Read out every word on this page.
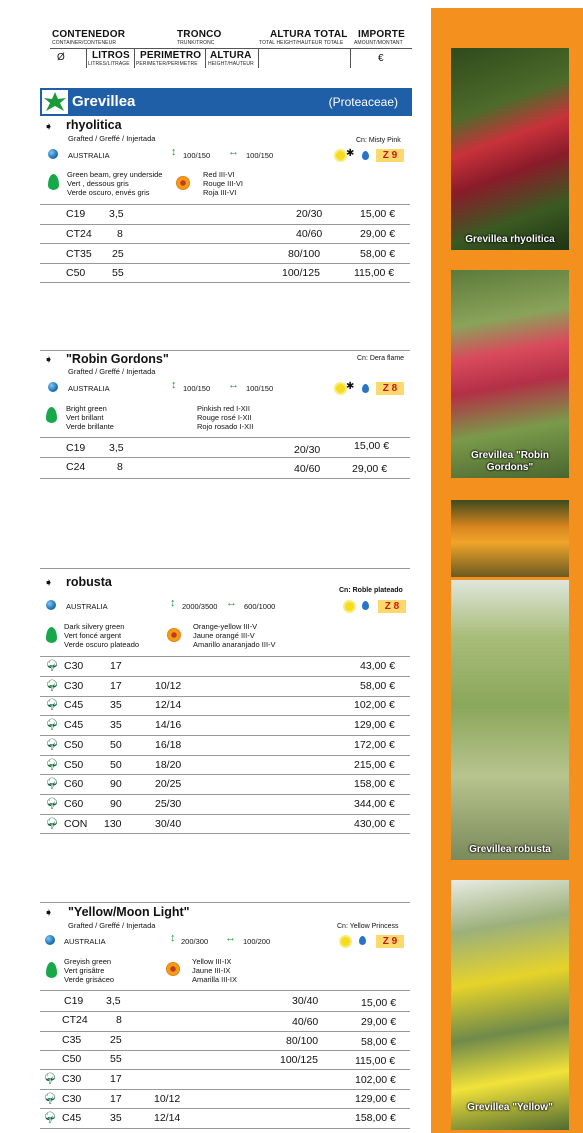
CONTENEDOR
CONTAINER/CONTENEUR
TRONCO
TRUNK/TRONC
ALTURA TOTAL
TOTAL HEIGHT/HAUTEUR TOTALE
IMPORTE
AMOUNT/MONTANT
Ø	LITROS
LITRES/LITRAGE
PERIMETRO
PERIMETER/PERIMETRE
ALTURA
HEIGHT/HAUTEUR	€
Grevillea	(Proteaceae)
➧ rhyolitica
Grafted / Greffé / Injertada	Cn: Misty Pink
AUSTRALIA	↕ 100/150 ↔ 100/150	✱	Z 9
Green beam, grey underside
Vert , dessous gris
Verde oscuro, envés gris
Red III-VI
Rouge III-VI
Roja III-VI
C19 3,5	20/30	15,00 €
CT24 8	40/60	29,00 €
CT35 25	80/100	58,00 €
C50	55	100/125	115,00 €
➧ "Robin Gordons"	Cn: Dera flame
Grafted / Greffé / Injertada
AUSTRALIA	↕ 100/150 ↔ 100/150	✱	Z 8
Bright green
Vert brillant
Verde brillante
Pinkish red I-XII
Rouge rosé I-XII
Rojo rosado I-XII
C19 3,5	20/30	15,00 €
C24	8	40/60	29,00 €
➧ robusta
Cn: Roble plateado
AUSTRALIA	↕ 2000/3500 ↔ 600/1000	Z 8
Dark silvery green
Vert foncé argent
Verde oscuro plateado
Orange-yellow III-V
Jaune orangé III-V
Amarillo anaranjado III-V
🌳︎ C30	17	43,00 €
🌳︎ C30	17	10/12	58,00 €
🌳︎ C45	35	12/14	102,00 €
🌳︎ C45	35	14/16	129,00 €
🌳︎ C50	50	16/18	172,00 €
🌳︎ C50	50	18/20	215,00 €
🌳︎ C60	90	20/25	158,00 €
🌳︎ C60	90	25/30	344,00 €
🌳︎ CON 130	30/40	430,00 €
➧ "Yellow/Moon Light"
Grafted / Greffé / Injertada	Cn: Yellow Princess
AUSTRALIA	↕ 200/300 ↔ 100/200	Z 9
Greyish green
Vert grisâtre
Verde grisáceo
Yellow III-IX
Jaune III-IX
Amarilla III-IX
C19 3,5	30/40	15,00 €
CT24	8	40/60	29,00 €
C35	25	80/100	58,00 €
C50	55	100/125	115,00 €
🌳︎ C30	17	102,00 €
🌳︎ C30	17	10/12	129,00 €
🌳︎ C45	35	12/14	158,00 €
Grevillea rhyolitica
Grevillea "Robin Gordons"
Grevillea robusta
Grevillea "Yellow"
